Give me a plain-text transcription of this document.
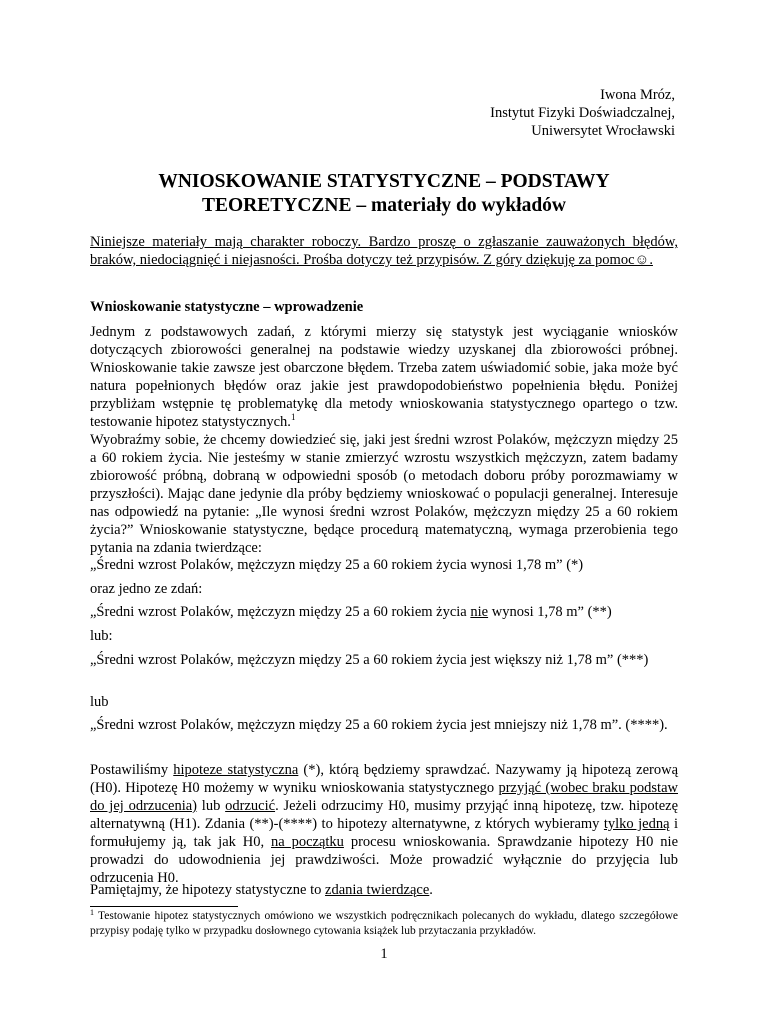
Iwona Mróz,
Instytut Fizyki Doświadczalnej,
Uniwersytet Wrocławski
WNIOSKOWANIE STATYSTYCZNE – PODSTAWY
TEORETYCZNE – materiały do wykładów

Niniejsze materiały mają charakter roboczy. Bardzo proszę o zgłaszanie zauważonych błędów, braków, niedociągnięć i niejasności. Prośba dotyczy też przypisów. Z góry dziękuję za pomoc☺.

Wnioskowanie statystyczne – wprowadzenie

Jednym z podstawowych zadań, z którymi mierzy się statystyk jest wyciąganie wniosków dotyczących zbiorowości generalnej na podstawie wiedzy uzyskanej dla zbiorowości próbnej. Wnioskowanie takie zawsze jest obarczone błędem. Trzeba zatem uświadomić sobie, jaka może być natura popełnionych błędów oraz jakie jest prawdopodobieństwo popełnienia błędu. Poniżej przybliżam wstępnie tę problematykę dla metody wnioskowania statystycznego opartego o tzw. testowanie hipotez statystycznych.$^1$

Wyobraźmy sobie, że chcemy dowiedzieć się, jaki jest średni wzrost Polaków, mężczyzn między 25 a 60 rokiem życia. Nie jesteśmy w stanie zmierzyć wzrostu wszystkich mężczyzn, zatem badamy zbiorowość próbną, dobraną w odpowiedni sposób (o metodach doboru próby porozmawiamy w przyszłości). Mając dane jedynie dla próby będziemy wnioskować o populacji generalnej. Interesuje nas odpowiedź na pytanie: „Ile wynosi średni wzrost Polaków, mężczyzn między 25 a 60 rokiem życia?” Wnioskowanie statystyczne, będące procedurą matematyczną, wymaga przerobienia tego pytania na zdania twierdzące:

„Średni wzrost Polaków, mężczyzn między 25 a 60 rokiem życia wynosi 1,78 m” (*)

oraz jedno ze zdań:

„Średni wzrost Polaków, mężczyzn między 25 a 60 rokiem życia nie wynosi 1,78 m” (**)

lub:

„Średni wzrost Polaków, mężczyzn między 25 a 60 rokiem życia jest większy niż 1,78 m” (***)

lub

„Średni wzrost Polaków, mężczyzn między 25 a 60 rokiem życia jest mniejszy niż 1,78 m”. (****).

Postawiliśmy hipoteze statystyczna (*), którą będziemy sprawdzać. Nazywamy ją hipotezą zerową (H0). Hipotezę H0 możemy w wyniku wnioskowania statystycznego przyjąć (wobec braku podstaw do jej odrzucenia) lub odrzucić. Jeżeli odrzucimy H0, musimy przyjąć inną hipotezę, tzw. hipotezę alternatywną (H1). Zdania (**)-(****) to hipotezy alternatywne, z których wybieramy tylko jedną i formułujemy ją, tak jak H0, na początku procesu wnioskowania. Sprawdzanie hipotezy H0 nie prowadzi do udowodnienia jej prawdziwości. Może prowadzić wyłącznie do przyjęcia lub odrzucenia H0.

Pamiętajmy, że hipotezy statystyczne to zdania twierdzące.

$^1$ Testowanie hipotez statystycznych omówiono we wszystkich podręcznikach polecanych do wykładu, dlatego szczegółowe przypisy podaję tylko w przypadku dosłownego cytowania książek lub przytaczania przykładów.

1
